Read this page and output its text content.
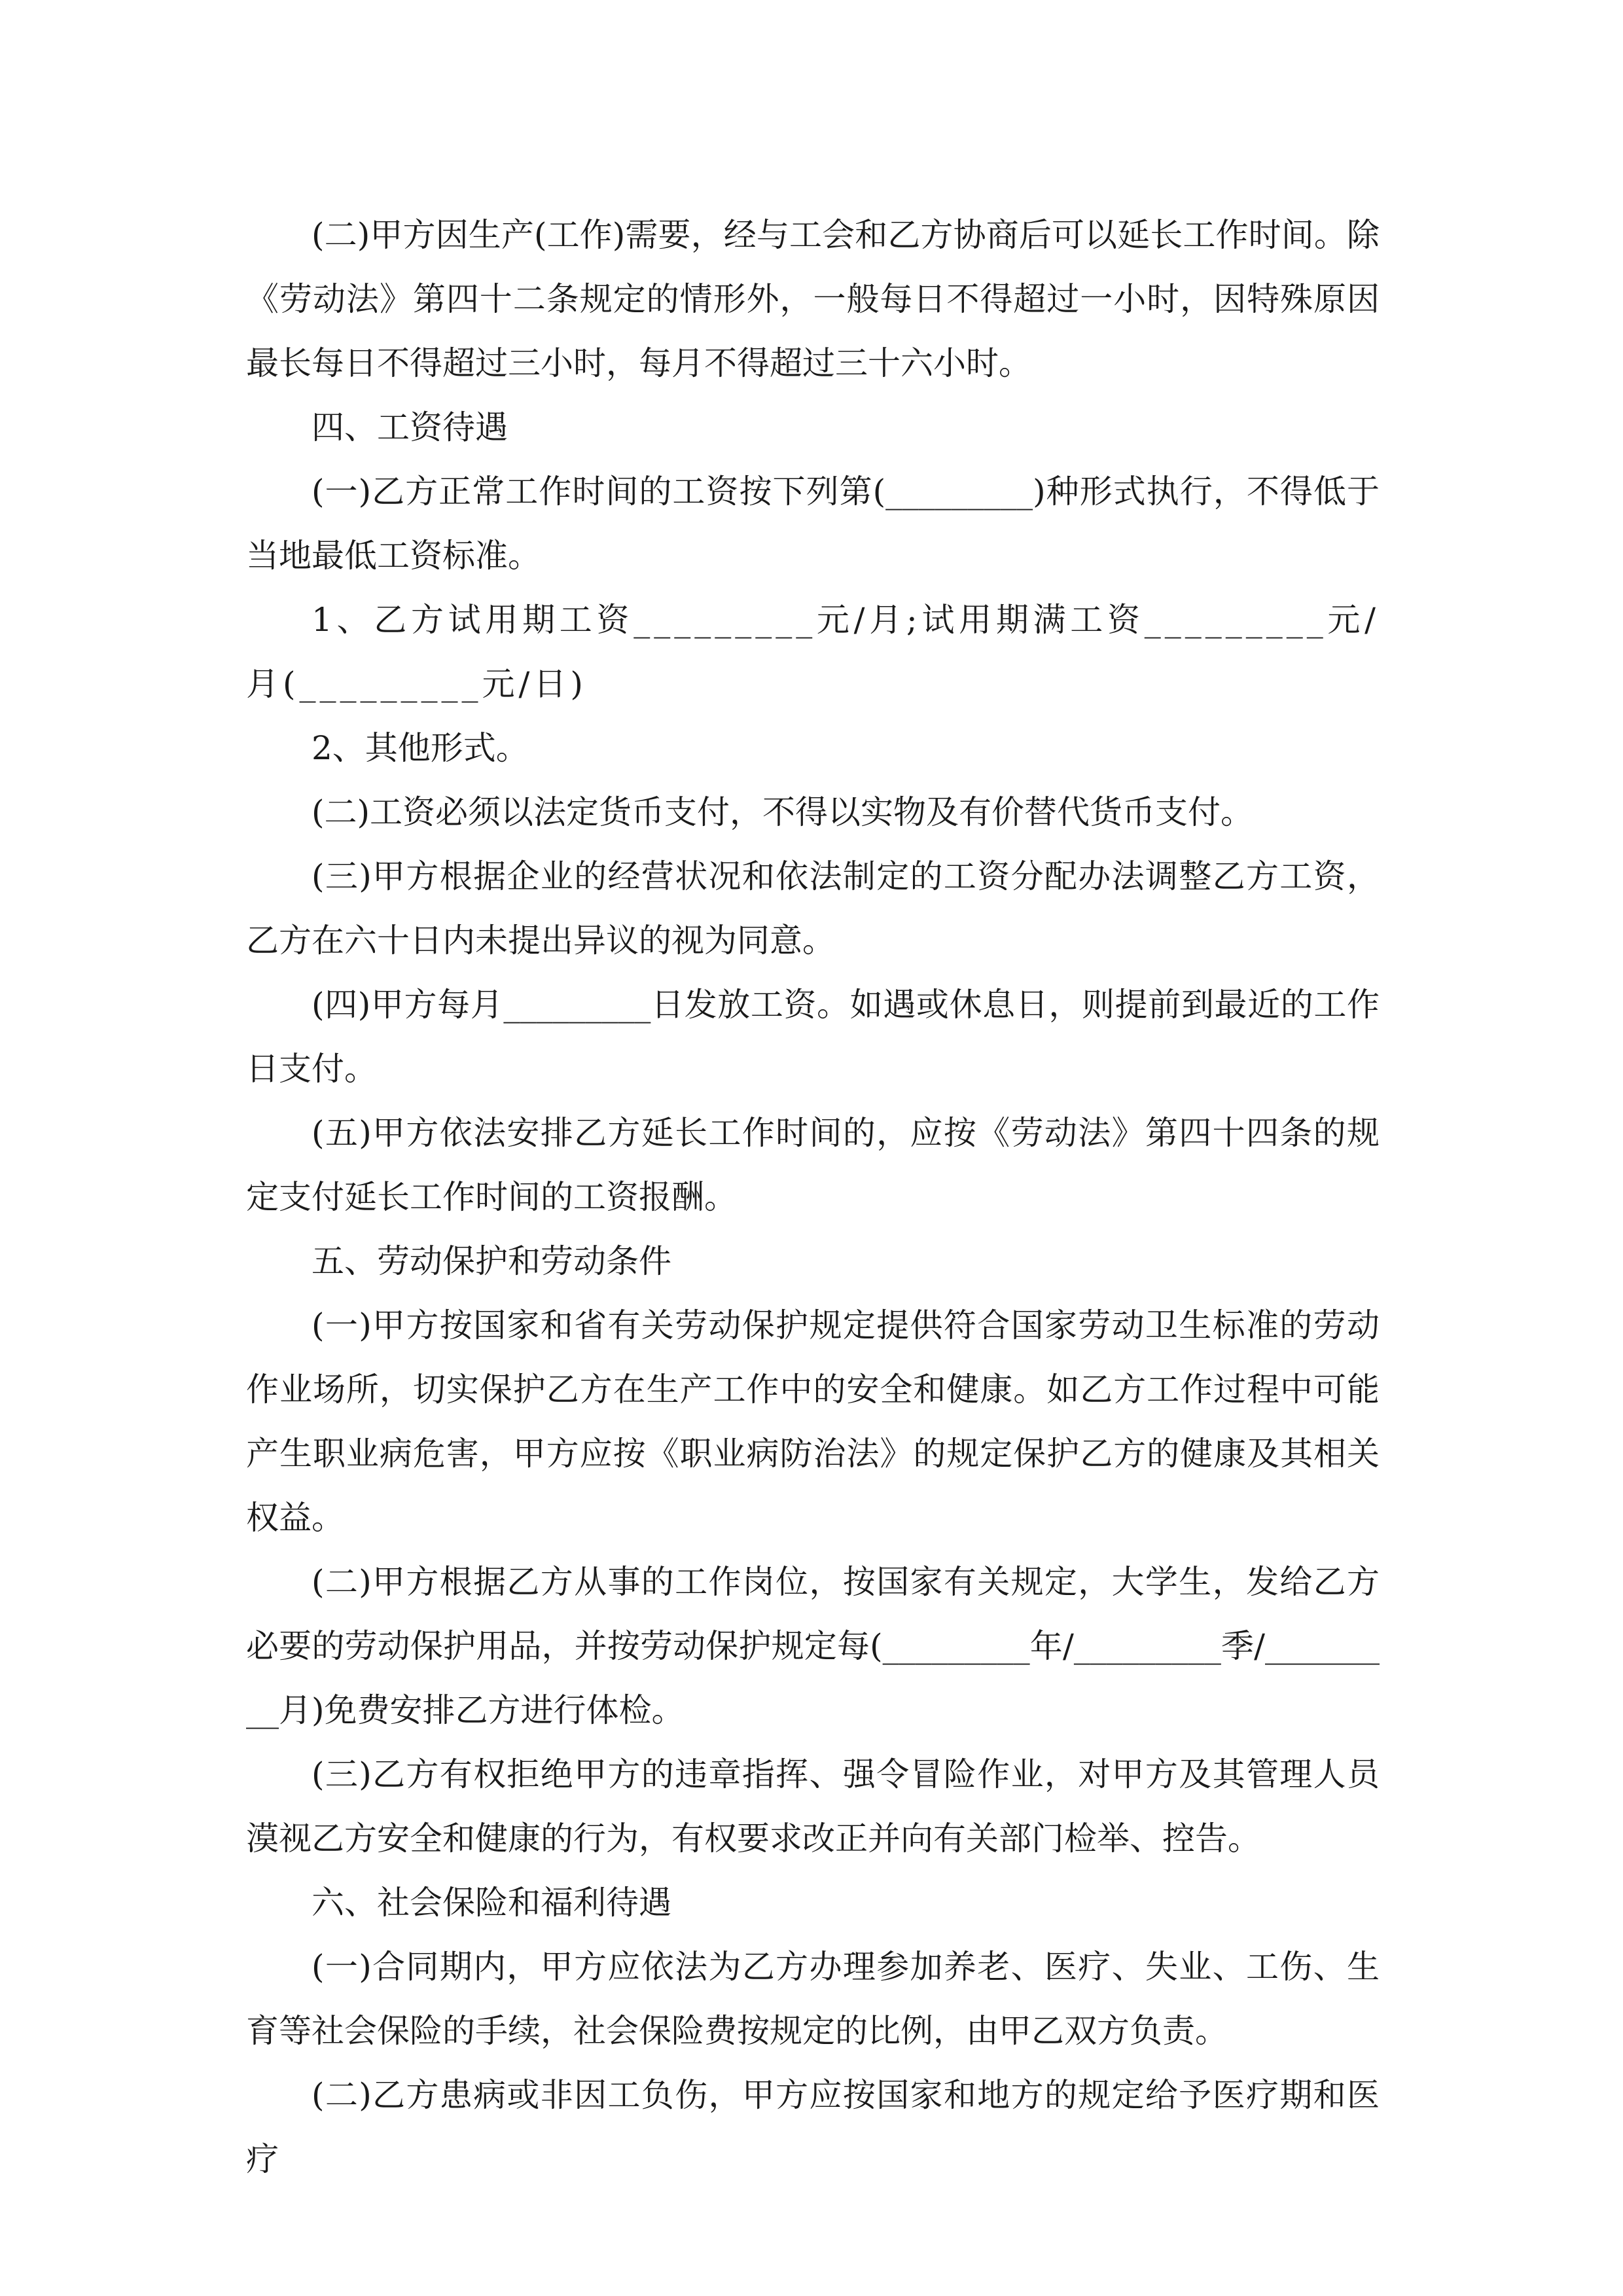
(二)甲方因生产(工作)需要，经与工会和乙方协商后可以延长工作时间。除《劳动法》第四十二条规定的情形外，一般每日不得超过一小时，因特殊原因最长每日不得超过三小时，每月不得超过三十六小时。

四、工资待遇

(一)乙方正常工作时间的工资按下列第(_________)种形式执行，不得低于当地最低工资标准。

1、乙方试用期工资_________元/月;试用期满工资_________元/月(_________元/日)

2、其他形式。

(二)工资必须以法定货币支付，不得以实物及有价替代货币支付。

(三)甲方根据企业的经营状况和依法制定的工资分配办法调整乙方工资，乙方在六十日内未提出异议的视为同意。

(四)甲方每月_________日发放工资。如遇或休息日，则提前到最近的工作日支付。

(五)甲方依法安排乙方延长工作时间的，应按《劳动法》第四十四条的规定支付延长工作时间的工资报酬。

五、劳动保护和劳动条件

(一)甲方按国家和省有关劳动保护规定提供符合国家劳动卫生标准的劳动作业场所，切实保护乙方在生产工作中的安全和健康。如乙方工作过程中可能产生职业病危害，甲方应按《职业病防治法》的规定保护乙方的健康及其相关权益。

(二)甲方根据乙方从事的工作岗位，按国家有关规定，大学生，发给乙方必要的劳动保护用品，并按劳动保护规定每(_________年/_________季/_________月)免费安排乙方进行体检。

(三)乙方有权拒绝甲方的违章指挥、强令冒险作业，对甲方及其管理人员漠视乙方安全和健康的行为，有权要求改正并向有关部门检举、控告。

六、社会保险和福利待遇

(一)合同期内，甲方应依法为乙方办理参加养老、医疗、失业、工伤、生育等社会保险的手续，社会保险费按规定的比例，由甲乙双方负责。

(二)乙方患病或非因工负伤，甲方应按国家和地方的规定给予医疗期和医疗
